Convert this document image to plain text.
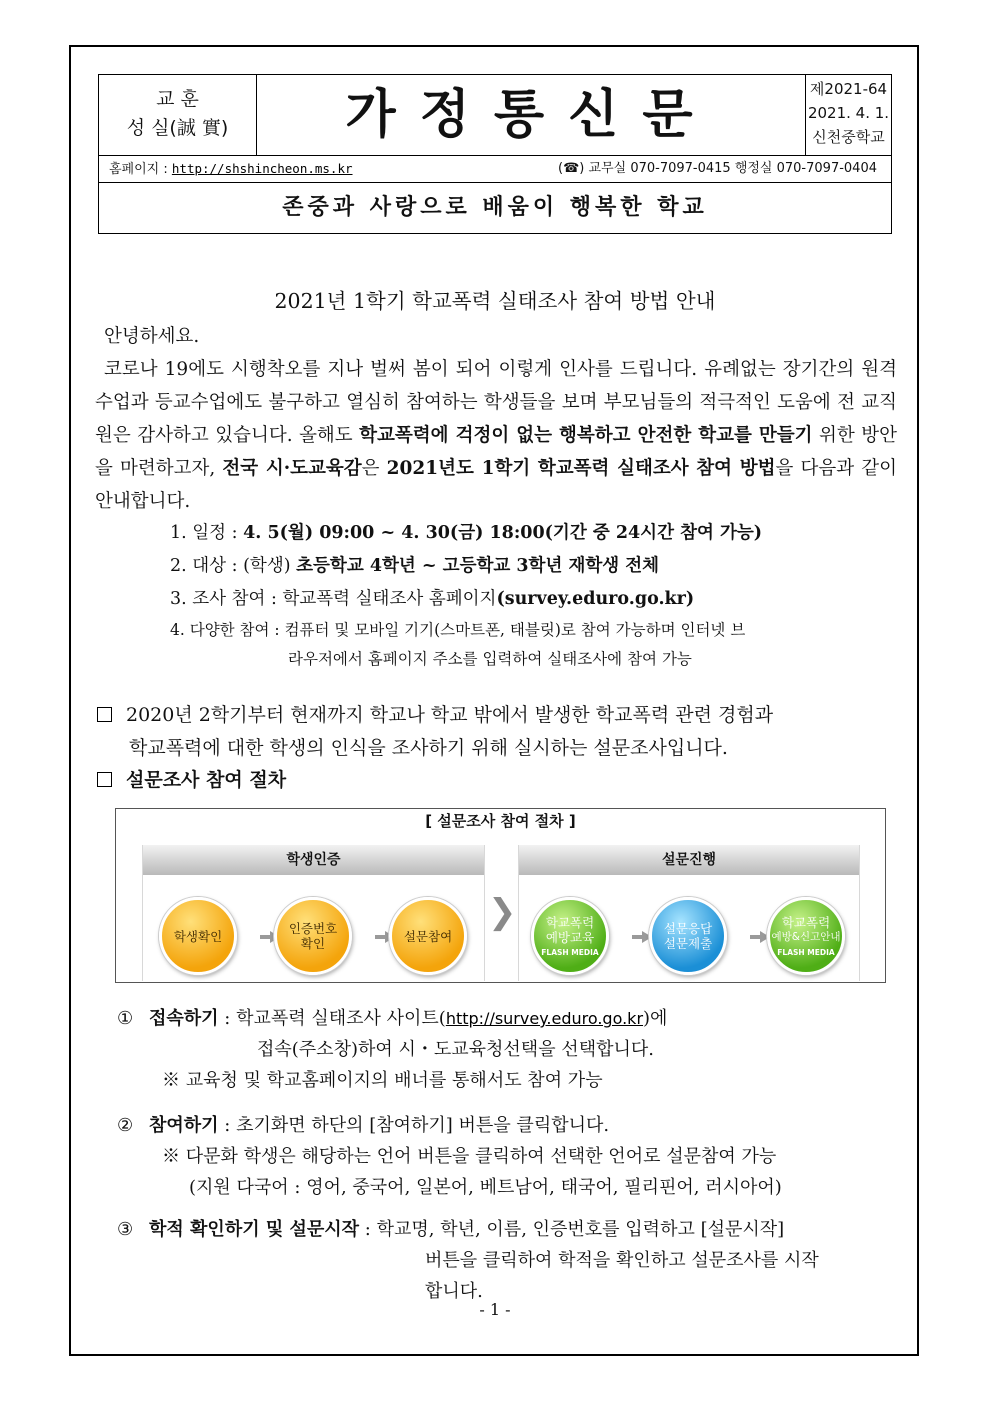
교 훈
성 실(誠 實)	가정통신문	제2021-64
2021. 4. 1.
신천중학교
홈페이지 : http://shshincheon.ms.kr	(☎) 교무실 070-7097-0415 행정실 070-7097-0404
존중과 사랑으로 배움이 행복한 학교
2021년 1학기 학교폭력 실태조사 참여 방법 안내
안녕하세요.
코로나 19에도 시행착오를 지나 벌써 봄이 되어 이렇게 인사를 드립니다. 유례없는 장기간의 원격수업과 등교수업에도 불구하고 열심히 참여하는 학생들을 보며 부모님들의 적극적인 도움에 전 교직원은 감사하고 있습니다. 올해도 학교폭력에 걱정이 없는 행복하고 안전한 학교를 만들기 위한 방안을 마련하고자, 전국 시·도교육감은 2021년도 1학기 학교폭력 실태조사 참여 방법을 다음과 같이 안내합니다.
1. 일정 : 4. 5(월) 09:00 ~ 4. 30(금) 18:00(기간 중 24시간 참여 가능)
2. 대상 : (학생) 초등학교 4학년 ~ 고등학교 3학년 재학생 전체
3. 조사 참여 : 학교폭력 실태조사 홈페이지(survey.eduro.go.kr)
4. 다양한 참여 : 컴퓨터 및 모바일 기기(스마트폰, 태블릿)로 참여 가능하며 인터넷 브
라우저에서 홈페이지 주소를 입력하여 실태조사에 참여 가능
2020년 2학기부터 현재까지 학교나 학교 밖에서 발생한 학교폭력 관련 경험과
학교폭력에 대한 학생의 인식을 조사하기 위해 실시하는 설문조사입니다.
설문조사 참여 절차
[ 설문조사 참여 절차 ]
학생인증
학생확인	인증번호
확인	설문참여
❯
설문진행
학교폭력
예방교육
FLASH MEDIA
설문응답
설문제출
학교폭력
예방&신고안내
FLASH MEDIA
① 접속하기 : 학교폭력 실태조사 사이트(http://survey.eduro.go.kr)에
접속(주소창)하여 시・도교육청선택을 선택합니다.
※ 교육청 및 학교홈페이지의 배너를 통해서도 참여 가능
② 참여하기 : 초기화면 하단의 [참여하기] 버튼을 클릭합니다.
※ 다문화 학생은 해당하는 언어 버튼을 클릭하여 선택한 언어로 설문참여 가능
(지원 다국어 : 영어, 중국어, 일본어, 베트남어, 태국어, 필리핀어, 러시아어)
③ 학적 확인하기 및 설문시작 : 학교명, 학년, 이름, 인증번호를 입력하고 [설문시작]
버튼을 클릭하여 학적을 확인하고 설문조사를 시작
합니다.
- 1 -
